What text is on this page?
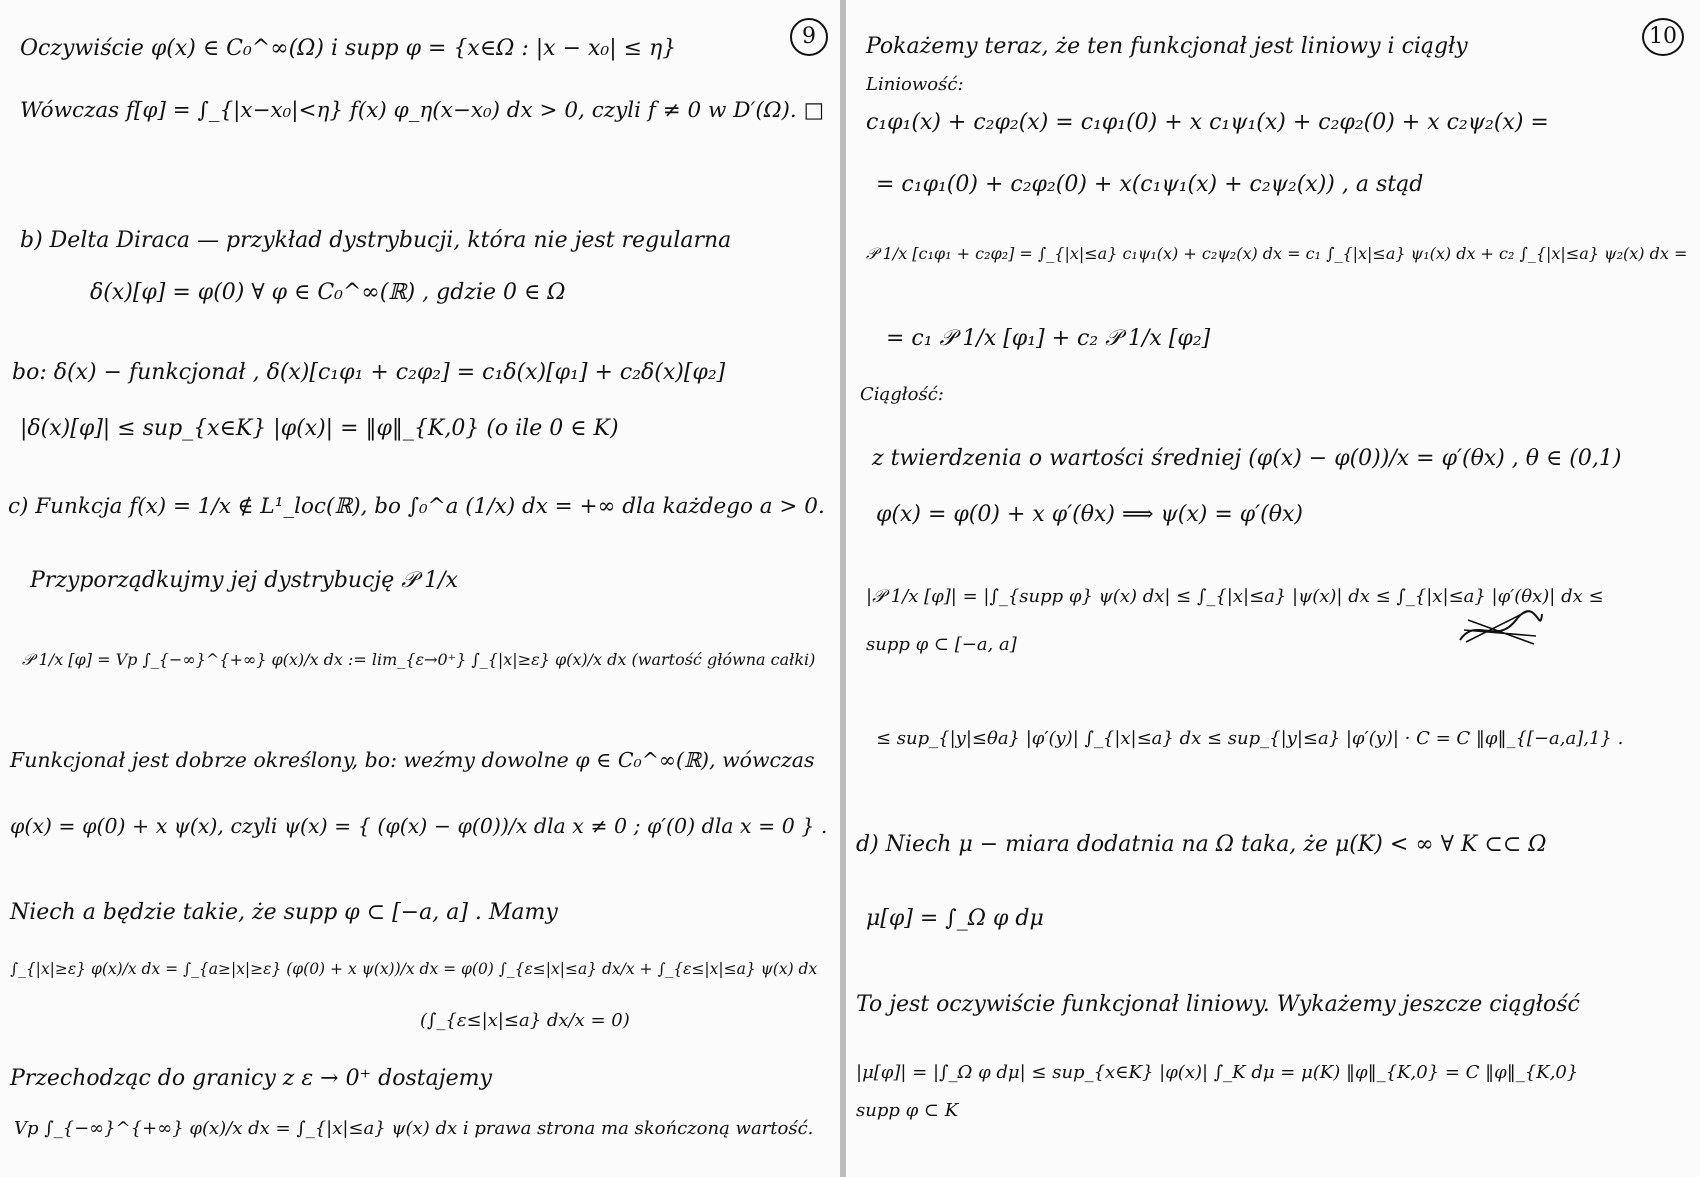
9
Oczywiście φ(x) ∈ C₀^∞(Ω) i supp φ = {x∈Ω : |x − x₀| ≤ η}
Wówczas f[φ] = ∫_{|x−x₀|<η} f(x) φ_η(x−x₀) dx > 0, czyli f ≠ 0 w D′(Ω). □
b) Delta Diraca — przykład dystrybucji, która nie jest regularna
δ(x)[φ] = φ(0) ∀ φ ∈ C₀^∞(ℝ) , gdzie 0 ∈ Ω
bo: δ(x) − funkcjonał , δ(x)[c₁φ₁ + c₂φ₂] = c₁δ(x)[φ₁] + c₂δ(x)[φ₂]
|δ(x)[φ]| ≤ sup_{x∈K} |φ(x)| = ‖φ‖_{K,0} (o ile 0 ∈ K)
c) Funkcja f(x) = 1/x ∉ L¹_loc(ℝ), bo ∫₀^a (1/x) dx = +∞ dla każdego a > 0.
Przyporządkujmy jej dystrybucję 𝒫 1/x
𝒫 1/x [φ] = Vp ∫_{−∞}^{+∞} φ(x)/x dx := lim_{ε→0⁺} ∫_{|x|≥ε} φ(x)/x dx (wartość główna całki)
Funkcjonał jest dobrze określony, bo: weźmy dowolne φ ∈ C₀^∞(ℝ), wówczas
φ(x) = φ(0) + x ψ(x), czyli ψ(x) = { (φ(x) − φ(0))/x dla x ≠ 0 ; φ′(0) dla x = 0 } .
Niech a będzie takie, że supp φ ⊂ [−a, a] . Mamy
∫_{|x|≥ε} φ(x)/x dx = ∫_{a≥|x|≥ε} (φ(0) + x ψ(x))/x dx = φ(0) ∫_{ε≤|x|≤a} dx/x + ∫_{ε≤|x|≤a} ψ(x) dx
(∫_{ε≤|x|≤a} dx/x = 0)
Przechodząc do granicy z ε → 0⁺ dostajemy
Vp ∫_{−∞}^{+∞} φ(x)/x dx = ∫_{|x|≤a} ψ(x) dx i prawa strona ma skończoną wartość.
10
Pokażemy teraz, że ten funkcjonał jest liniowy i ciągły
Liniowość:
c₁φ₁(x) + c₂φ₂(x) = c₁φ₁(0) + x c₁ψ₁(x) + c₂φ₂(0) + x c₂ψ₂(x) =
= c₁φ₁(0) + c₂φ₂(0) + x(c₁ψ₁(x) + c₂ψ₂(x)) , a stąd
𝒫 1/x [c₁φ₁ + c₂φ₂] = ∫_{|x|≤a} c₁ψ₁(x) + c₂ψ₂(x) dx = c₁ ∫_{|x|≤a} ψ₁(x) dx + c₂ ∫_{|x|≤a} ψ₂(x) dx =
= c₁ 𝒫 1/x [φ₁] + c₂ 𝒫 1/x [φ₂]
Ciągłość:
z twierdzenia o wartości średniej (φ(x) − φ(0))/x = φ′(θx) , θ ∈ (0,1)
φ(x) = φ(0) + x φ′(θx) ⟹ ψ(x) = φ′(θx)
|𝒫 1/x [φ]| = |∫_{supp φ} ψ(x) dx| ≤ ∫_{|x|≤a} |ψ(x)| dx ≤ ∫_{|x|≤a} |φ′(θx)| dx ≤
supp φ ⊂ [−a, a]
≤ sup_{|y|≤θa} |φ′(y)| ∫_{|x|≤a} dx ≤ sup_{|y|≤a} |φ′(y)| · C = C ‖φ‖_{[−a,a],1} .
d) Niech μ − miara dodatnia na Ω taka, że μ(K) < ∞ ∀ K ⊂⊂ Ω
μ[φ] = ∫_Ω φ dμ
To jest oczywiście funkcjonał liniowy. Wykażemy jeszcze ciągłość
|μ[φ]| = |∫_Ω φ dμ| ≤ sup_{x∈K} |φ(x)| ∫_K dμ = μ(K) ‖φ‖_{K,0} = C ‖φ‖_{K,0}
supp φ ⊂ K
